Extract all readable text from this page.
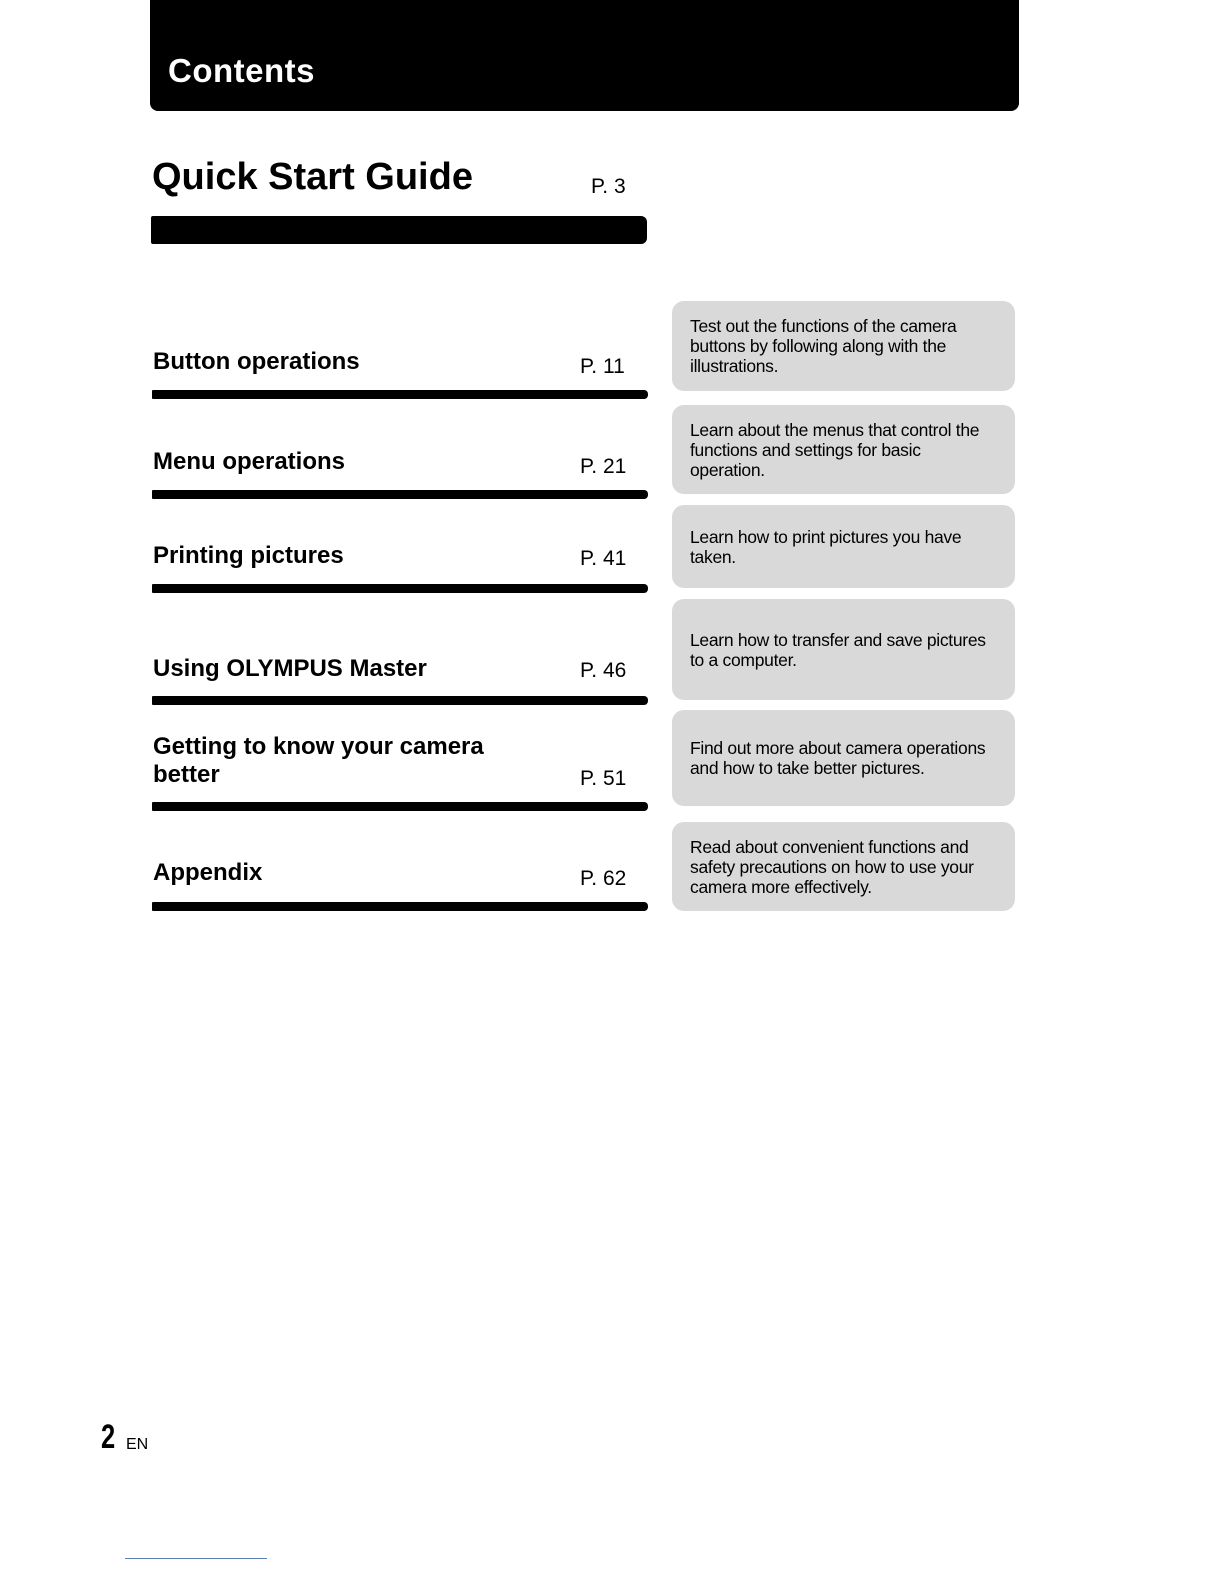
Contents
Quick Start Guide	P. 3
Button operations	P. 11
Test out the functions of the camera buttons by following along with the illustrations.
Menu operations	P. 21
Learn about the menus that control the functions and settings for basic operation.
Printing pictures	P. 41
Learn how to print pictures you have taken.
Using OLYMPUS Master	P. 46
Learn how to transfer and save pictures to a computer.
Getting to know your camera better	P. 51
Find out more about camera operations and how to take better pictures.
Appendix	P. 62
Read about convenient functions and safety precautions on how to use your camera more effectively.
2 EN
